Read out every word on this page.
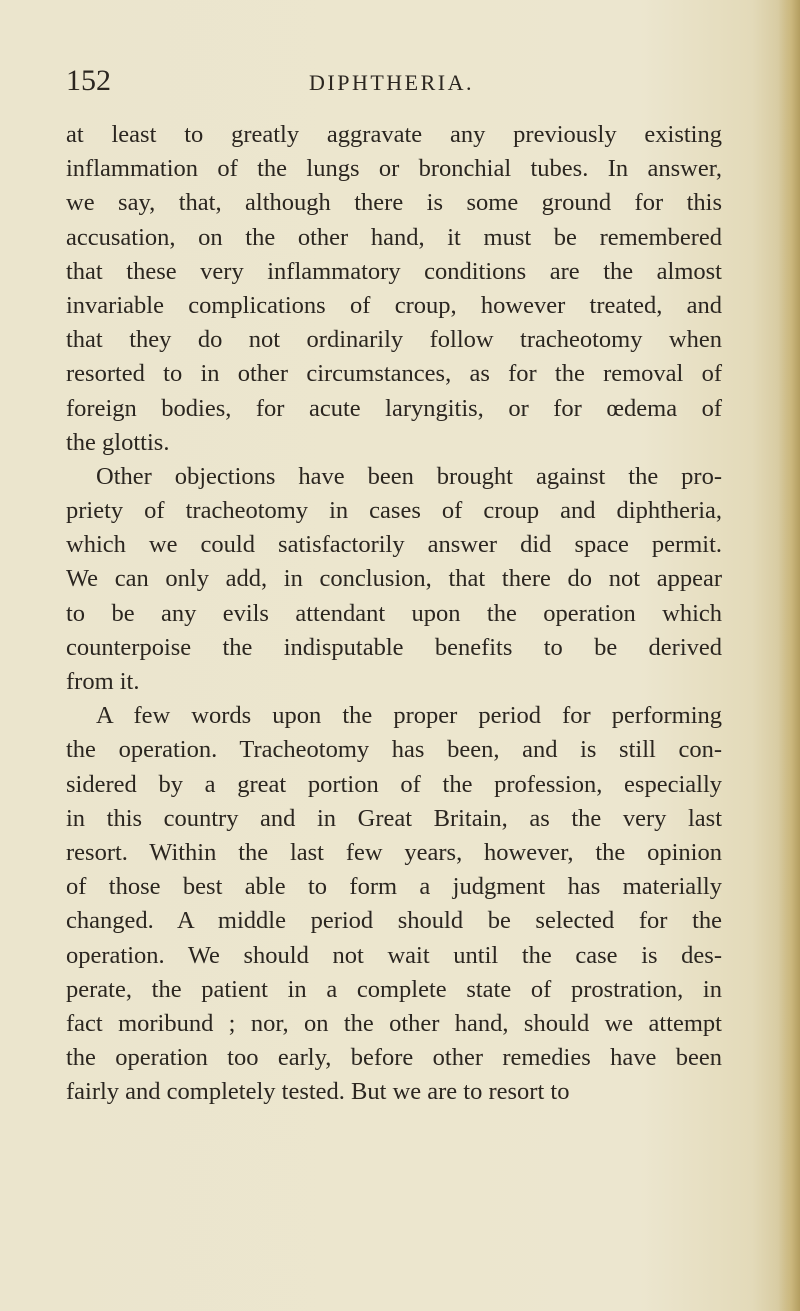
152	DIPHTHERIA.
at least to greatly aggravate any previously existing
inflammation of the lungs or bronchial tubes. In answer,
we say, that, although there is some ground for this
accusation, on the other hand, it must be remembered
that these very inflammatory conditions are the almost
invariable complications of croup, however treated, and
that they do not ordinarily follow tracheotomy when
resorted to in other circumstances, as for the removal of
foreign bodies, for acute laryngitis, or for œdema of
the glottis.
Other objections have been brought against the pro-
priety of tracheotomy in cases of croup and diphtheria,
which we could satisfactorily answer did space permit.
We can only add, in conclusion, that there do not appear
to be any evils attendant upon the operation which
counterpoise the indisputable benefits to be derived
from it.
A few words upon the proper period for performing
the operation. Tracheotomy has been, and is still con-
sidered by a great portion of the profession, especially
in this country and in Great Britain, as the very last
resort. Within the last few years, however, the opinion
of those best able to form a judgment has materially
changed. A middle period should be selected for the
operation. We should not wait until the case is des-
perate, the patient in a complete state of prostration, in
fact moribund ; nor, on the other hand, should we attempt
the operation too early, before other remedies have been
fairly and completely tested. But we are to resort to
